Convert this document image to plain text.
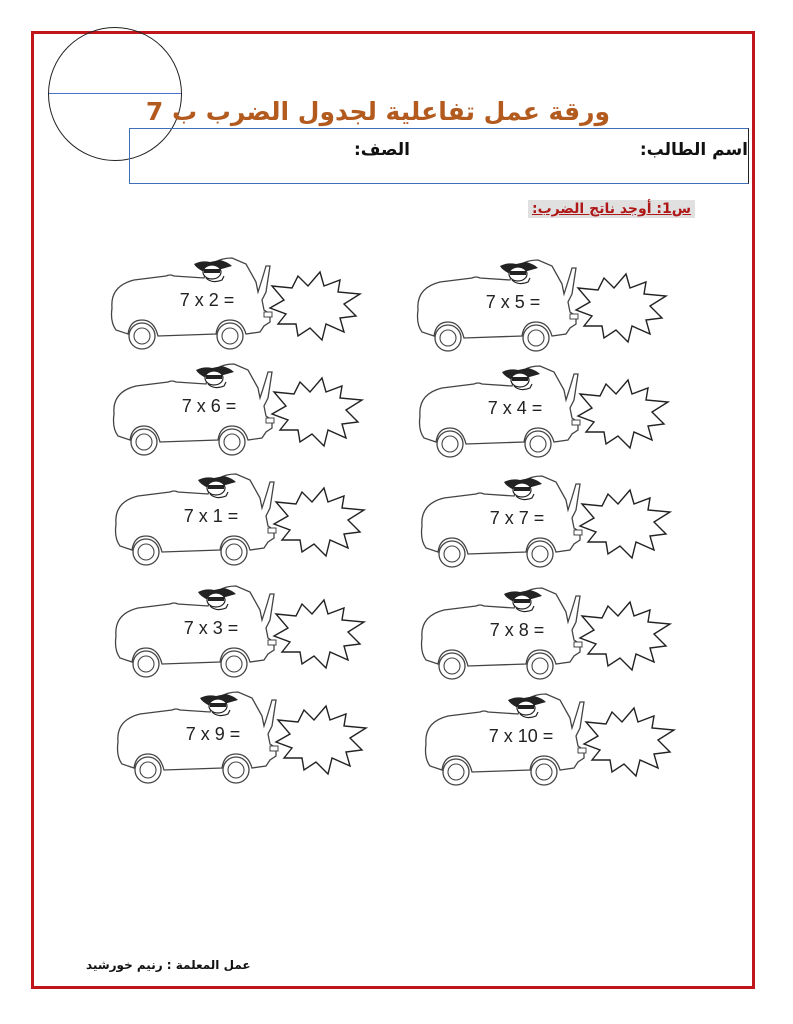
ورقة عمل تفاعلية لجدول الضرب ب 7
اسم الطالب:
الصف:
س1: أوجد ناتج الضرب:
7 x 5 =
7 x 2 =
7 x 4 =
7 x 6 =
7 x 7 =
7 x 1 =
7 x 8 =
7 x 3 =
7 x 10 =
7 x 9 =
عمل المعلمة : رنيم خورشيد
